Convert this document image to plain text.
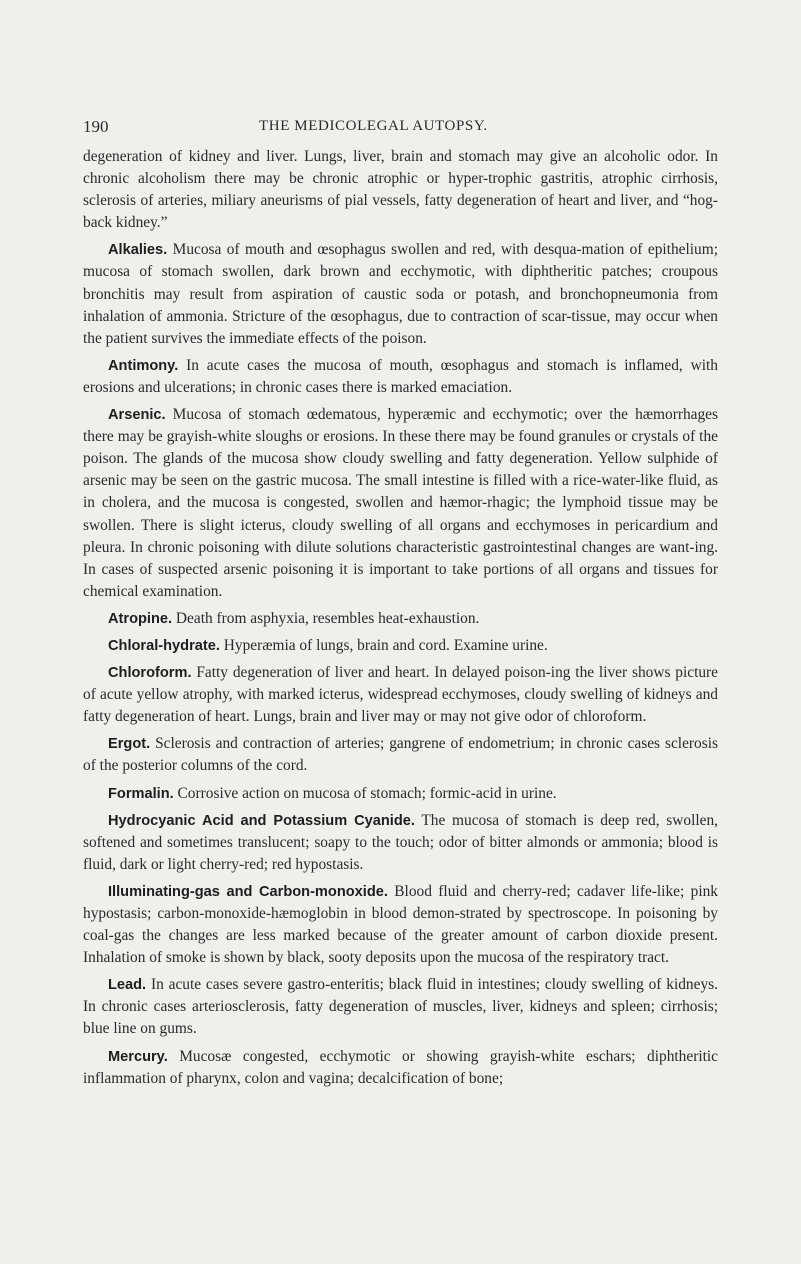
190	THE MEDICOLEGAL AUTOPSY.

degeneration of kidney and liver. Lungs, liver, brain and stomach may give an alcoholic odor. In chronic alcoholism there may be chronic atrophic or hyper-trophic gastritis, atrophic cirrhosis, sclerosis of arteries, miliary aneurisms of pial vessels, fatty degeneration of heart and liver, and “hog-back kidney.”

Alkalies. Mucosa of mouth and œsophagus swollen and red, with desqua-mation of epithelium; mucosa of stomach swollen, dark brown and ecchymotic, with diphtheritic patches; croupous bronchitis may result from aspiration of caustic soda or potash, and bronchopneumonia from inhalation of ammonia. Stricture of the œsophagus, due to contraction of scar-tissue, may occur when the patient survives the immediate effects of the poison.

Antimony. In acute cases the mucosa of mouth, œsophagus and stomach is inflamed, with erosions and ulcerations; in chronic cases there is marked emaciation.

Arsenic. Mucosa of stomach œdematous, hyperæmic and ecchymotic; over the hæmorrhages there may be grayish-white sloughs or erosions. In these there may be found granules or crystals of the poison. The glands of the mucosa show cloudy swelling and fatty degeneration. Yellow sulphide of arsenic may be seen on the gastric mucosa. The small intestine is filled with a rice-water-like fluid, as in cholera, and the mucosa is congested, swollen and hæmor-rhagic; the lymphoid tissue may be swollen. There is slight icterus, cloudy swelling of all organs and ecchymoses in pericardium and pleura. In chronic poisoning with dilute solutions characteristic gastrointestinal changes are want-ing. In cases of suspected arsenic poisoning it is important to take portions of all organs and tissues for chemical examination.

Atropine. Death from asphyxia, resembles heat-exhaustion.

Chloral-hydrate. Hyperæmia of lungs, brain and cord. Examine urine.

Chloroform. Fatty degeneration of liver and heart. In delayed poison-ing the liver shows picture of acute yellow atrophy, with marked icterus, widespread ecchymoses, cloudy swelling of kidneys and fatty degeneration of heart. Lungs, brain and liver may or may not give odor of chloroform.

Ergot. Sclerosis and contraction of arteries; gangrene of endometrium; in chronic cases sclerosis of the posterior columns of the cord.

Formalin. Corrosive action on mucosa of stomach; formic-acid in urine.

Hydrocyanic Acid and Potassium Cyanide. The mucosa of stomach is deep red, swollen, softened and sometimes translucent; soapy to the touch; odor of bitter almonds or ammonia; blood is fluid, dark or light cherry-red; red hypostasis.

Illuminating-gas and Carbon-monoxide. Blood fluid and cherry-red; cadaver life-like; pink hypostasis; carbon-monoxide-hæmoglobin in blood demon-strated by spectroscope. In poisoning by coal-gas the changes are less marked because of the greater amount of carbon dioxide present. Inhalation of smoke is shown by black, sooty deposits upon the mucosa of the respiratory tract.

Lead. In acute cases severe gastro-enteritis; black fluid in intestines; cloudy swelling of kidneys. In chronic cases arteriosclerosis, fatty degeneration of muscles, liver, kidneys and spleen; cirrhosis; blue line on gums.

Mercury. Mucosæ congested, ecchymotic or showing grayish-white eschars; diphtheritic inflammation of pharynx, colon and vagina; decalcification of bone;
